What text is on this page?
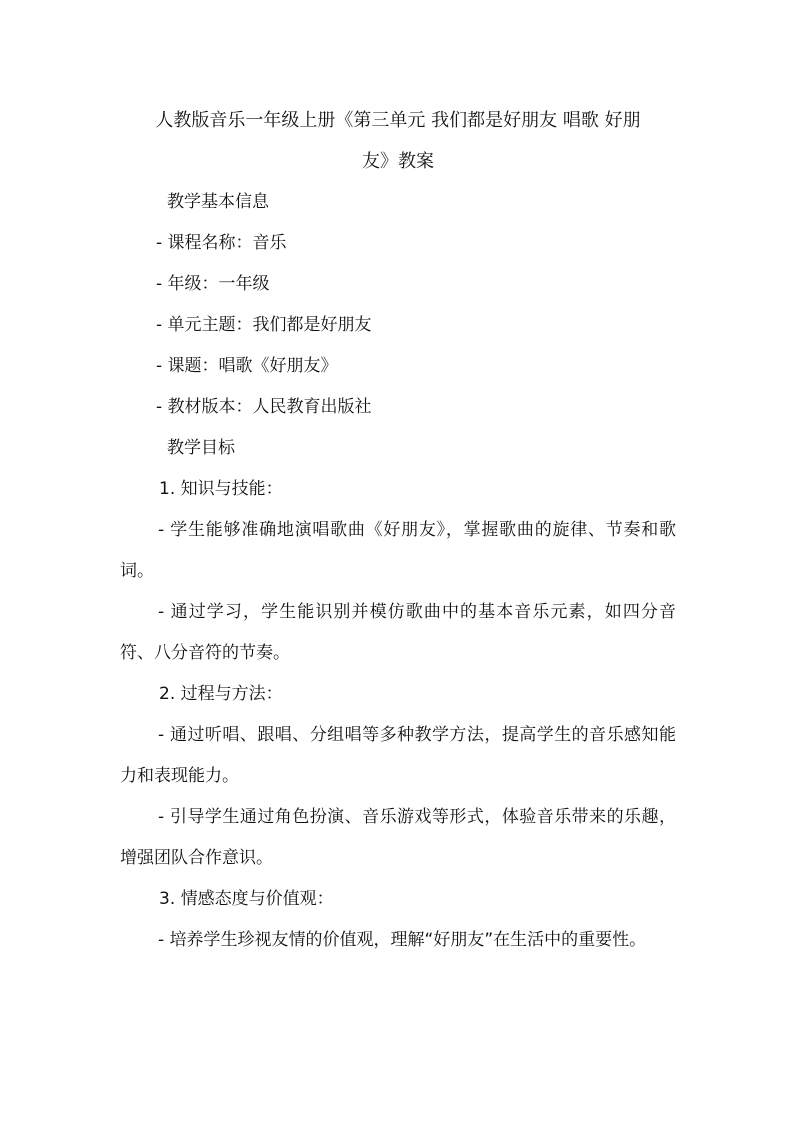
人教版音乐一年级上册《第三单元 我们都是好朋友 唱歌 好朋
友》教案

教学基本信息

- 课程名称：音乐

- 年级：一年级

- 单元主题：我们都是好朋友

- 课题：唱歌《好朋友》

- 教材版本：人民教育出版社

教学目标

1. 知识与技能：

- 学生能够准确地演唱歌曲《好朋友》，掌握歌曲的旋律、节奏和歌词。

- 通过学习，学生能识别并模仿歌曲中的基本音乐元素，如四分音符、八分音符的节奏。

2. 过程与方法：

- 通过听唱、跟唱、分组唱等多种教学方法，提高学生的音乐感知能力和表现能力。

- 引导学生通过角色扮演、音乐游戏等形式，体验音乐带来的乐趣，增强团队合作意识。

3. 情感态度与价值观：

- 培养学生珍视友情的价值观，理解“好朋友”在生活中的重要性。
